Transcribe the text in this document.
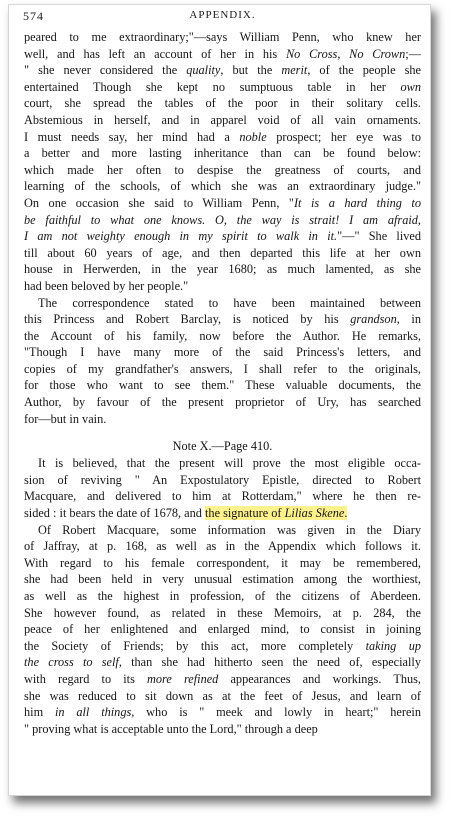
574	APPENDIX.
peared to me extraordinary;"—says William Penn, who knew her
well, and has left an account of her in his No Cross, No Crown;—
" she never considered the quality, but the merit, of the people she
entertained Though she kept no sumptuous table in her own
court, she spread the tables of the poor in their solitary cells.
Abstemious in herself, and in apparel void of all vain ornaments.
I must needs say, her mind had a noble prospect; her eye was to
a better and more lasting inheritance than can be found below:
which made her often to despise the greatness of courts, and
learning of the schools, of which she was an extraordinary judge."
On one occasion she said to William Penn, "It is a hard thing to
be faithful to what one knows. O, the way is strait! I am afraid,
I am not weighty enough in my spirit to walk in it."—" She lived
till about 60 years of age, and then departed this life at her own
house in Herwerden, in the year 1680; as much lamented, as she
had been beloved by her people."
The correspondence stated to have been maintained between
this Princess and Robert Barclay, is noticed by his grandson, in
the Account of his family, now before the Author. He remarks,
"Though I have many more of the said Princess's letters, and
copies of my grandfather's answers, I shall refer to the originals,
for those who want to see them." These valuable documents, the
Author, by favour of the present proprietor of Ury, has searched
for—but in vain.
Note X.—Page 410.
It is believed, that the present will prove the most eligible occa-
sion of reviving " An Expostulatory Epistle, directed to Robert
Macquare, and delivered to him at Rotterdam," where he then re-
sided : it bears the date of 1678, and the signature of Lilias Skene.
Of Robert Macquare, some information was given in the Diary
of Jaffray, at p. 168, as well as in the Appendix which follows it.
With regard to his female correspondent, it may be remembered,
she had been held in very unusual estimation among the worthiest,
as well as the highest in profession, of the citizens of Aberdeen.
She however found, as related in these Memoirs, at p. 284, the
peace of her enlightened and enlarged mind, to consist in joining
the Society of Friends; by this act, more completely taking up
the cross to self, than she had hitherto seen the need of, especially
with regard to its more refined appearances and workings. Thus,
she was reduced to sit down as at the feet of Jesus, and learn of
him in all things, who is " meek and lowly in heart;" herein
" proving what is acceptable unto the Lord," through a deep
